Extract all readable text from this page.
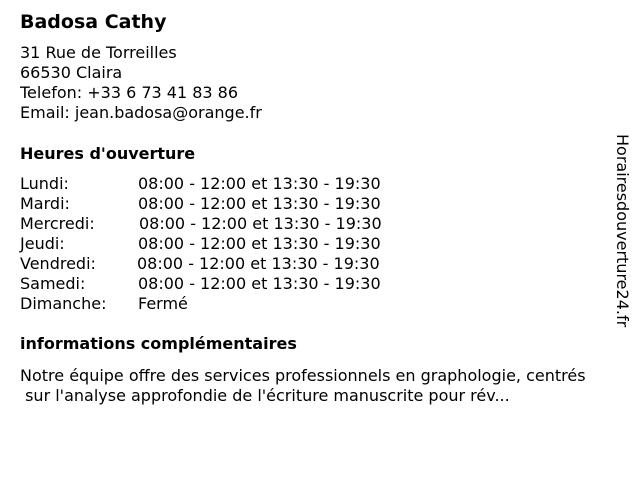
Badosa Cathy
31 Rue de Torreilles
66530 Claira
Telefon: +33 6 73 41 83 86
Email: jean.badosa@orange.fr
Heures d'ouverture
Lundi:	08:00 - 12:00 et 13:30 - 19:30
Mardi:	08:00 - 12:00 et 13:30 - 19:30
Mercredi:	08:00 - 12:00 et 13:30 - 19:30
Jeudi:	08:00 - 12:00 et 13:30 - 19:30
Vendredi:	08:00 - 12:00 et 13:30 - 19:30
Samedi:	08:00 - 12:00 et 13:30 - 19:30
Dimanche: Fermé
informations complémentaires
Notre équipe offre des services professionnels en graphologie, centrés
sur l'analyse approfondie de l'écriture manuscrite pour rév...
Horairesdouverture24.fr
